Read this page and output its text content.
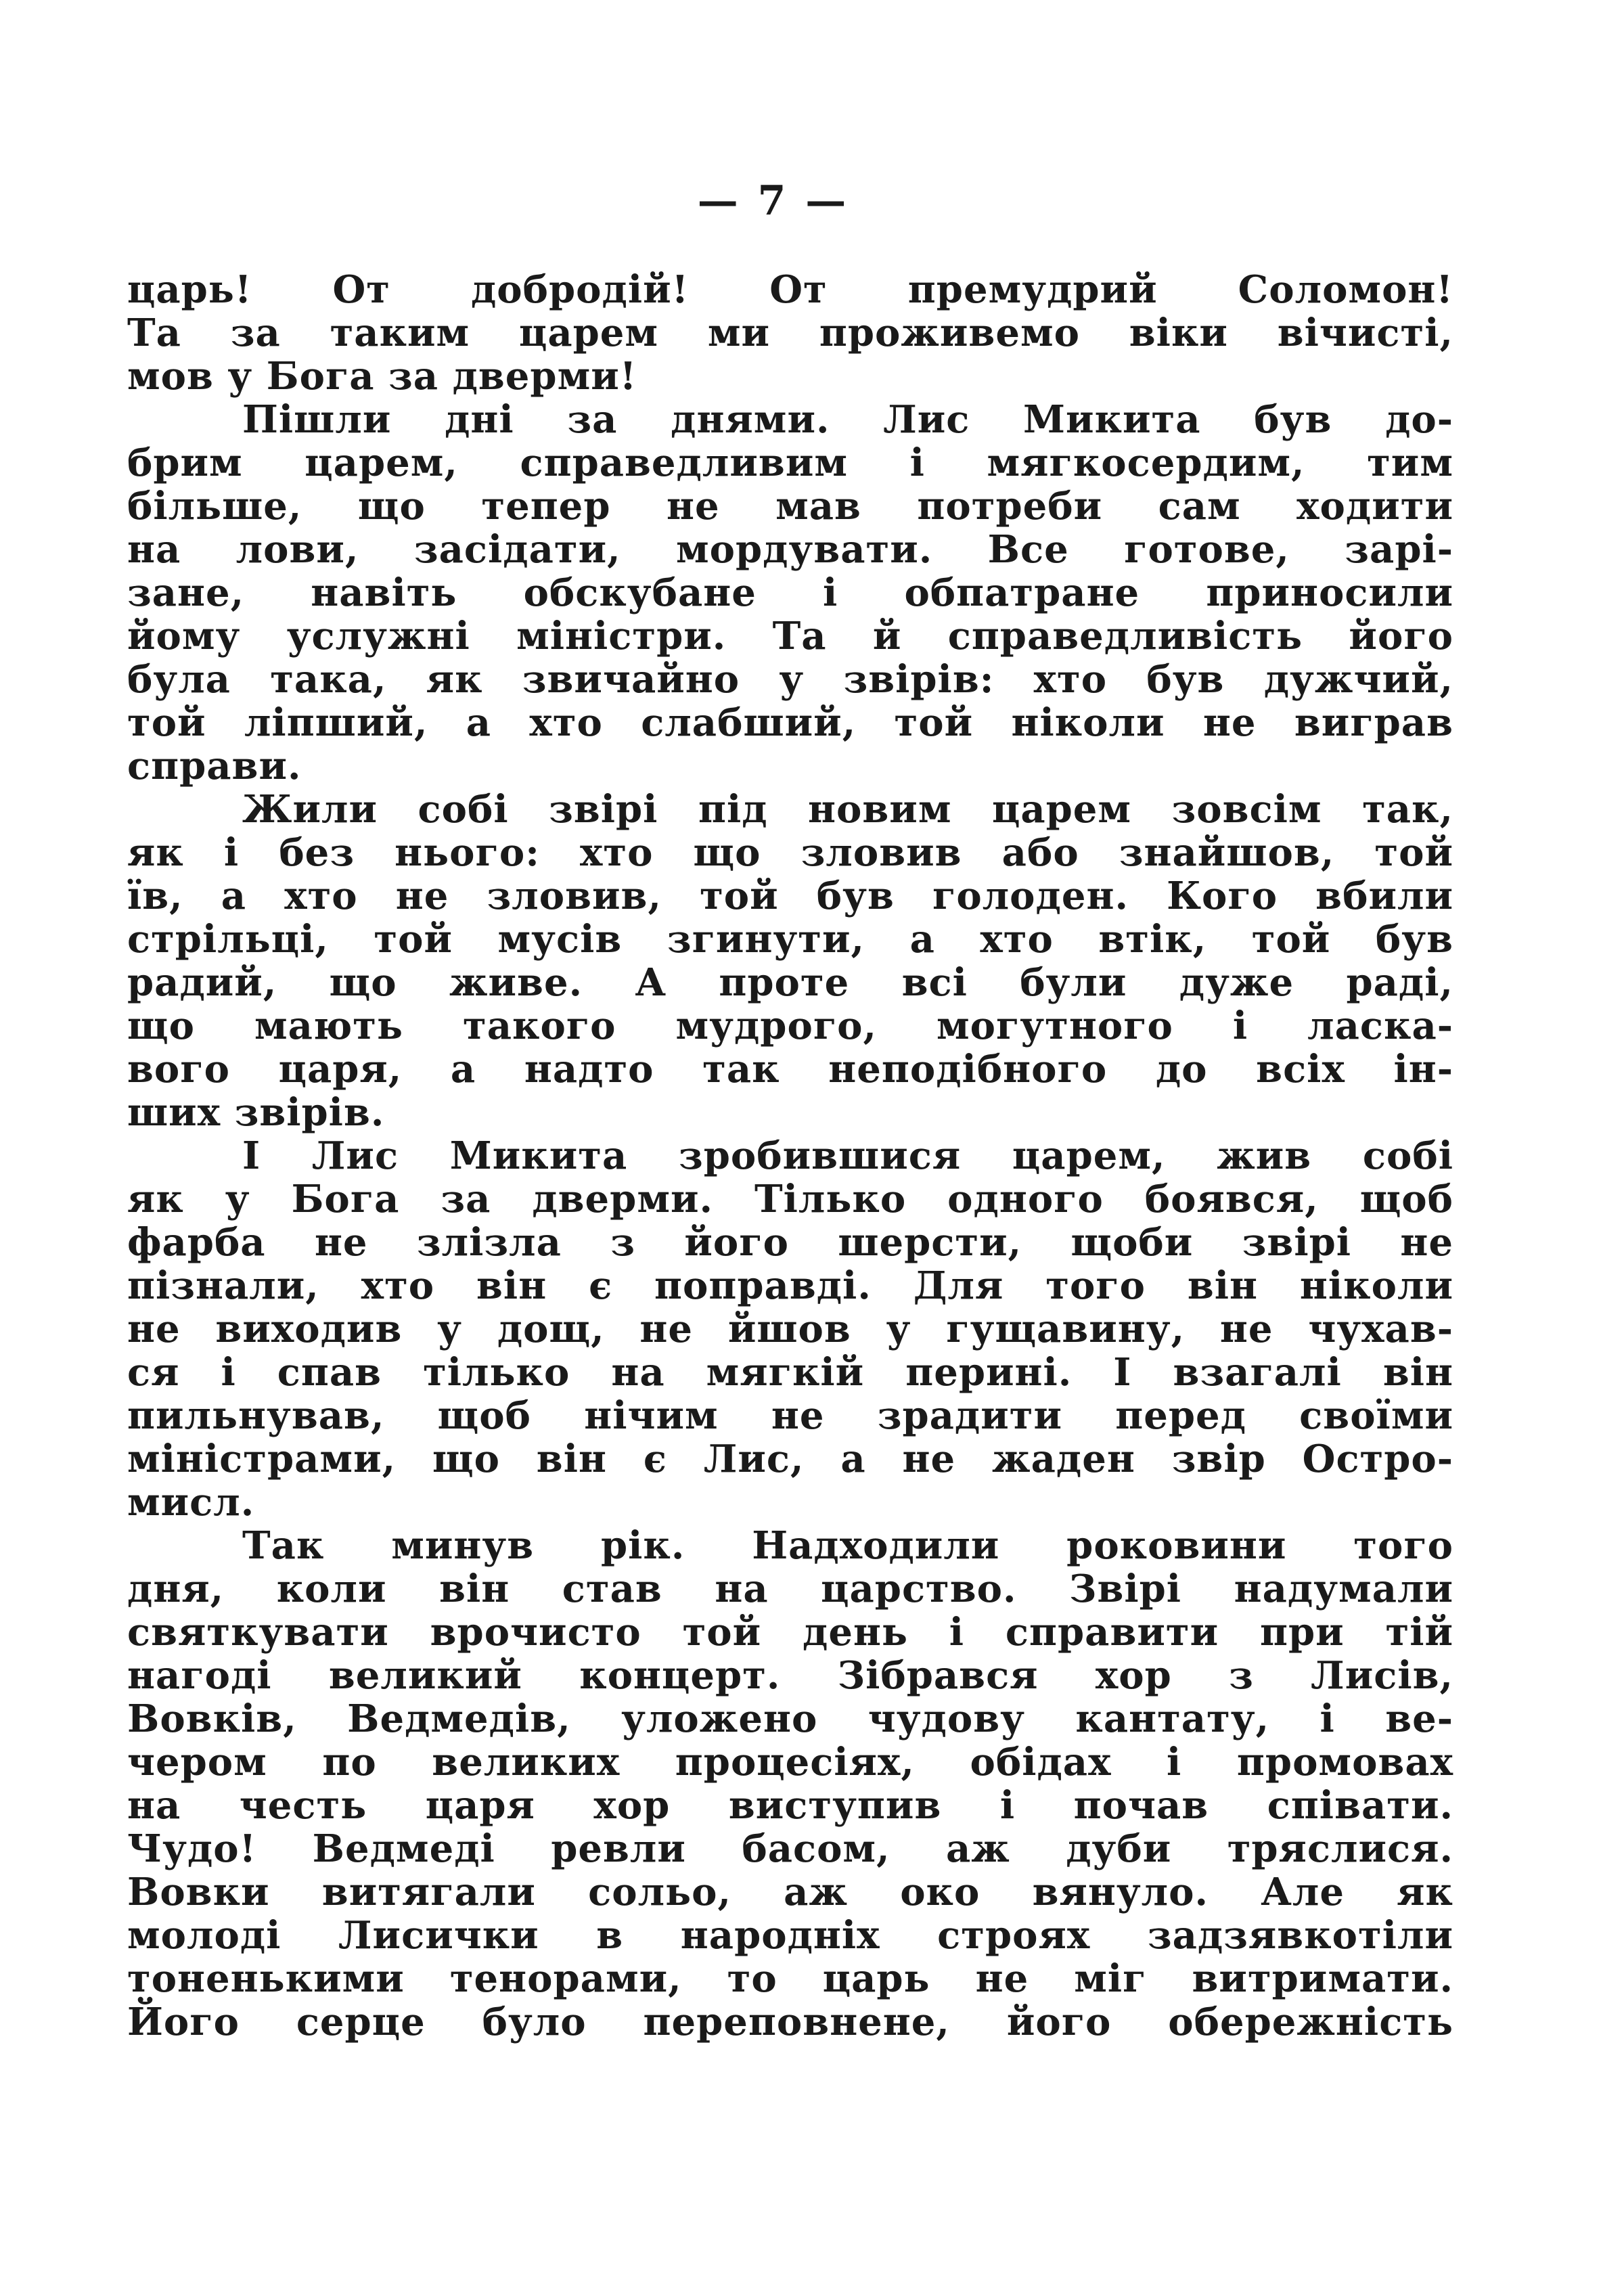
— 7 —
царь! От добродій! От премудрий Соломон!
Та за таким царем ми проживемо віки вічисті,
мов у Бога за дверми!
Пішли дні за днями. Лис Микита був до-
брим царем, справедливим і мягкосердим, тим
більше, що тепер не мав потреби сам ходити
на лови, засідати, мордувати. Все готове, зарі-
зане, навіть обскубане і обпатране приносили
йому услужні міністри. Та й справедливість його
була така, як звичайно у звірів: хто був дужчий,
той ліпший, а хто слабший, той ніколи не виграв
справи.
Жили собі звірі під новим царем зовсім так,
як і без нього: хто що зловив або знайшов, той
їв, а хто не зловив, той був голоден. Кого вбили
стрільці, той мусів згинути, а хто втік, той був
радий, що живе. А проте всі були дуже раді,
що мають такого мудрого, могутного і ласка-
вого царя, а надто так неподібного до всіх ін-
ших звірів.
І Лис Микита зробившися царем, жив собі
як у Бога за дверми. Тілько одного боявся, щоб
фарба не злізла з його шерсти, щоби звірі не
пізнали, хто він є поправді. Для того він ніколи
не виходив у дощ, не йшов у гущавину, не чухав-
ся і спав тілько на мягкій перині. І взагалі він
пильнував, щоб нічим не зрадити перед своїми
міністрами, що він є Лис, а не жаден звір Остро-
мисл.
Так минув рік. Надходили роковини того
дня, коли він став на царство. Звірі надумали
святкувати врочисто той день і справити при тій
нагоді великий концерт. Зібрався хор з Лисів,
Вовків, Ведмедів, уложено чудову кантату, і ве-
чером по великих процесіях, обідах і промовах
на честь царя хор виступив і почав співати.
Чудо! Ведмеді ревли басом, аж дуби тряслися.
Вовки витягали сольо, аж око вянуло. Але як
молоді Лисички в народніх строях задзявкотіли
тоненькими тенорами, то царь не міг витримати.
Його серце було переповнене, його обережність
